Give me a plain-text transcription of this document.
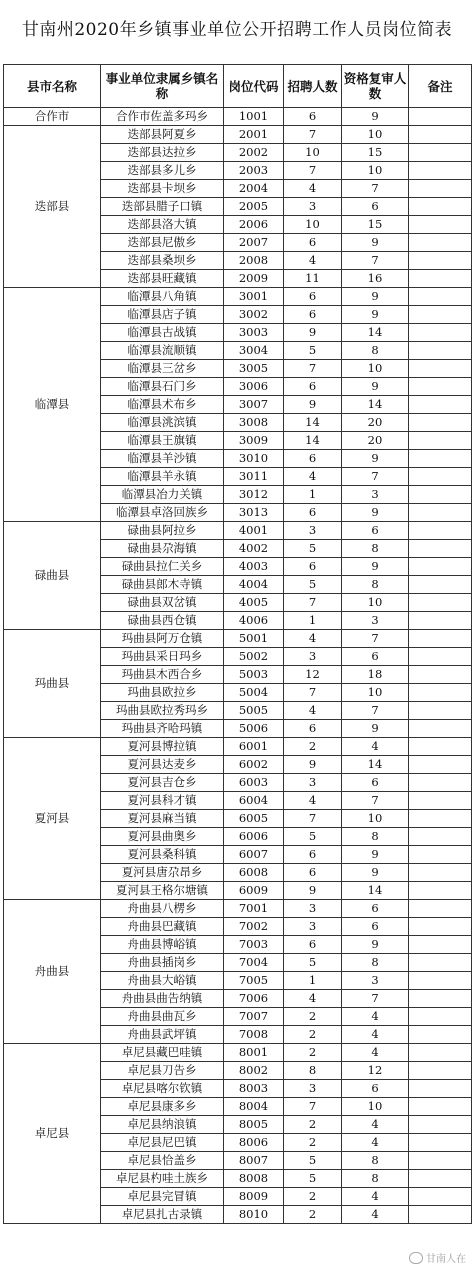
甘南州2020年乡镇事业单位公开招聘工作人员岗位简表
县市名称	事业单位隶属乡镇名称	岗位代码	招聘人数	资格复审人数	备注
合作市	合作市佐盖多玛乡	1001	6	9	
迭部县	迭部县阿夏乡	2001	7	10	
	迭部县达拉乡	2002	10	15	
	迭部县多儿乡	2003	7	10	
	迭部县卡坝乡	2004	4	7	
	迭部县腊子口镇	2005	3	6	
	迭部县洛大镇	2006	10	15	
	迭部县尼傲乡	2007	6	9	
	迭部县桑坝乡	2008	4	7	
	迭部县旺藏镇	2009	11	16	
临潭县	临潭县八角镇	3001	6	9	
	临潭县店子镇	3002	6	9	
	临潭县古战镇	3003	9	14	
	临潭县流顺镇	3004	5	8	
	临潭县三岔乡	3005	7	10	
	临潭县石门乡	3006	6	9	
	临潭县术布乡	3007	9	14	
	临潭县洮滨镇	3008	14	20	
	临潭县王旗镇	3009	14	20	
	临潭县羊沙镇	3010	6	9	
	临潭县羊永镇	3011	4	7	
	临潭县冶力关镇	3012	1	3	
	临潭县卓洛回族乡	3013	6	9	
碌曲县	碌曲县阿拉乡	4001	3	6	
	碌曲县尕海镇	4002	5	8	
	碌曲县拉仁关乡	4003	6	9	
	碌曲县郎木寺镇	4004	5	8	
	碌曲县双岔镇	4005	7	10	
	碌曲县西仓镇	4006	1	3	
玛曲县	玛曲县阿万仓镇	5001	4	7	
	玛曲县采日玛乡	5002	3	6	
	玛曲县木西合乡	5003	12	18	
	玛曲县欧拉乡	5004	7	10	
	玛曲县欧拉秀玛乡	5005	4	7	
	玛曲县齐哈玛镇	5006	6	9	
夏河县	夏河县博拉镇	6001	2	4	
	夏河县达麦乡	6002	9	14	
	夏河县吉仓乡	6003	3	6	
	夏河县科才镇	6004	4	7	
	夏河县麻当镇	6005	7	10	
	夏河县曲奥乡	6006	5	8	
	夏河县桑科镇	6007	6	9	
	夏河县唐尕昂乡	6008	6	9	
	夏河县王格尔塘镇	6009	9	14	
舟曲县	舟曲县八楞乡	7001	3	6	
	舟曲县巴藏镇	7002	3	6	
	舟曲县博峪镇	7003	6	9	
	舟曲县插岗乡	7004	5	8	
	舟曲县大峪镇	7005	1	3	
	舟曲县曲告纳镇	7006	4	7	
	舟曲县曲瓦乡	7007	2	4	
	舟曲县武坪镇	7008	2	4	
卓尼县	卓尼县藏巴哇镇	8001	2	4	
	卓尼县刀告乡	8002	8	12	
	卓尼县喀尔钦镇	8003	3	6	
	卓尼县康多乡	8004	7	10	
	卓尼县纳浪镇	8005	2	4	
	卓尼县尼巴镇	8006	2	4	
	卓尼县恰盖乡	8007	5	8	
	卓尼县杓哇土族乡	8008	5	8	
	卓尼县完冒镇	8009	2	4	
	卓尼县扎古录镇	8010	2	4	
甘南人在
